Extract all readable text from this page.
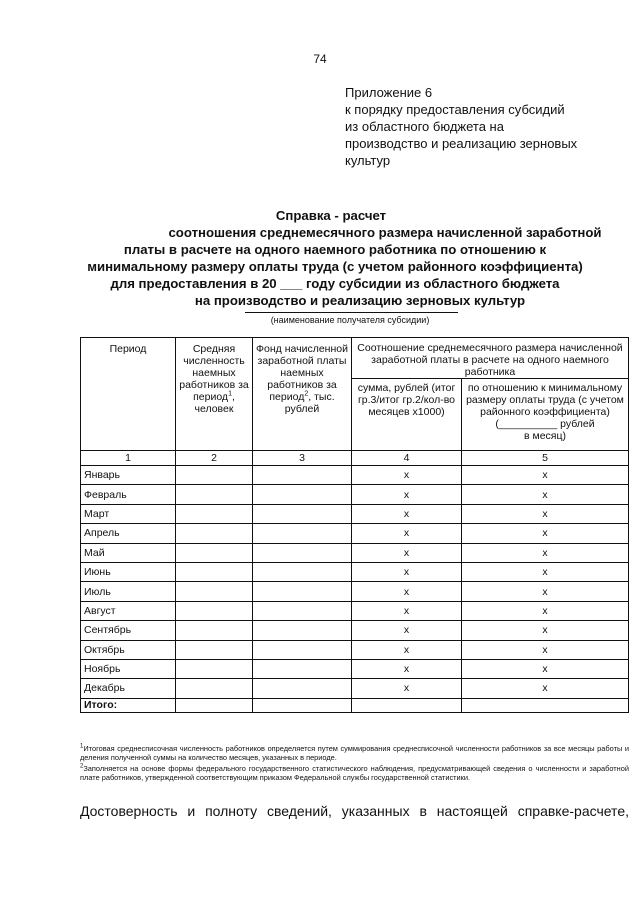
74
Приложение 6
к порядку предоставления субсидий
из областного бюджета на
производство и реализацию зерновых
культур
Справка - расчет
соотношения среднемесячного размера начисленной заработной
платы в расчете на одного наемного работника по отношению к
минимальному размеру оплаты труда (с учетом районного коэффициента)
для предоставления в 20 ___ году субсидии из областного бюджета
на производство и реализацию зерновых культур
(наименование получателя субсидии)
Период	Средняя численность наемных работников за период$^1$, человек	Фонд начисленной заработной платы наемных работников за период$^2$, тыс. рублей	Соотношение среднемесячного размера начисленной заработной платы в расчете на одного наемного работника	
			сумма, рублей (итог гр.3/итог гр.2/кол-во месяцев х1000)	по отношению к минимальному размеру оплаты труда (с учетом районного коэффициента)
(__________ рублей
в месяц)
1	2	3	4	5
Январь			x	x
Февраль			x	x
Март			x	x
Апрель			x	x
Май			x	x
Июнь			x	x
Июль			x	x
Август			x	x
Сентябрь			x	x
Октябрь			x	x
Ноябрь			x	x
Декабрь			x	x
Итого:				

$^1$Итоговая среднесписочная численность работников определяется путем суммирования среднесписочной численности работников за все месяцы работы и деления полученной суммы на количество месяцев, указанных в периоде.

$^2$Заполняется на основе формы федерального государственного статистического наблюдения, предусматривающей сведения о численности и заработной плате работников, утвержденной соответствующим приказом Федеральной службы государственной статистики.

Достоверность и полноту сведений, указанных в настоящей справке-расчете,
